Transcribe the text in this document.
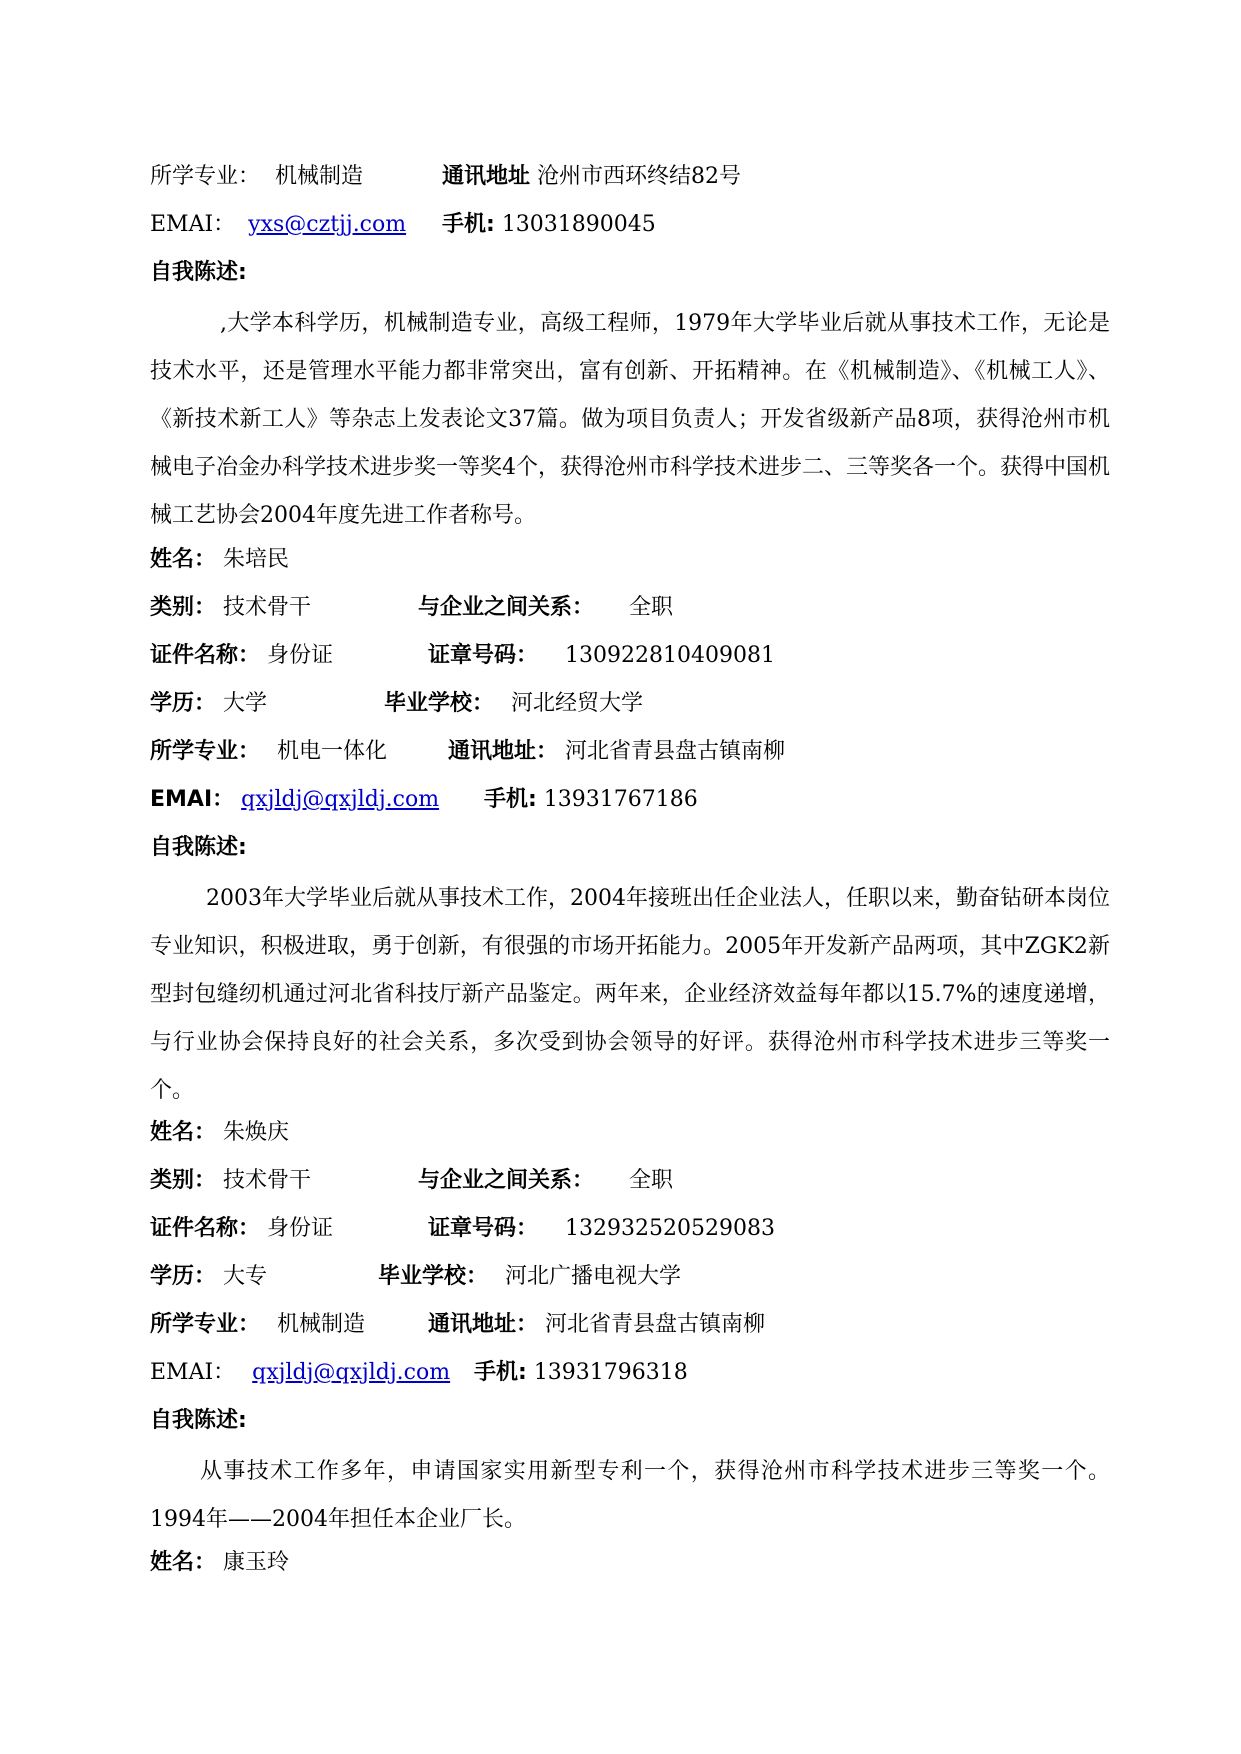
所学专业： 机械制造	通讯地址 沧州市西环终结82号
EMAI： yxs@cztjj.com 手机: 13031890045
自我陈述:
,大学本科学历，机械制造专业，高级工程师，1979年大学毕业后就从事技术工作，无论是技术水平，还是管理水平能力都非常突出，富有创新、开拓精神。在《机械制造》、《机械工人》、《新技术新工人》等杂志上发表论文37篇。做为项目负责人；开发省级新产品8项，获得沧州市机械电子冶金办科学技术进步奖一等奖4个，获得沧州市科学技术进步二、三等奖各一个。获得中国机械工艺协会2004年度先进工作者称号。
姓名： 朱培民
类别： 技术骨干	与企业之间关系： 全职
证件名称： 身份证	证章号码： 130922810409081
学历： 大学	毕业学校： 河北经贸大学
所学专业： 机电一体化	通讯地址： 河北省青县盘古镇南柳
EMAI： qxjldj@qxjldj.com 手机: 13931767186
自我陈述:
2003年大学毕业后就从事技术工作，2004年接班出任企业法人，任职以来，勤奋钻研本岗位专业知识，积极进取，勇于创新，有很强的市场开拓能力。2005年开发新产品两项，其中ZGK2新型封包缝纫机通过河北省科技厅新产品鉴定。两年来，企业经济效益每年都以15.7%的速度递增，与行业协会保持良好的社会关系，多次受到协会领导的好评。获得沧州市科学技术进步三等奖一个。
姓名： 朱焕庆
类别： 技术骨干	与企业之间关系： 全职
证件名称： 身份证	证章号码： 132932520529083
学历： 大专	毕业学校： 河北广播电视大学
所学专业： 机械制造	通讯地址： 河北省青县盘古镇南柳
EMAI： qxjldj@qxjldj.com 手机: 13931796318
自我陈述:
从事技术工作多年，申请国家实用新型专利一个，获得沧州市科学技术进步三等奖一个。1994年——2004年担任本企业厂长。
姓名： 康玉玲
